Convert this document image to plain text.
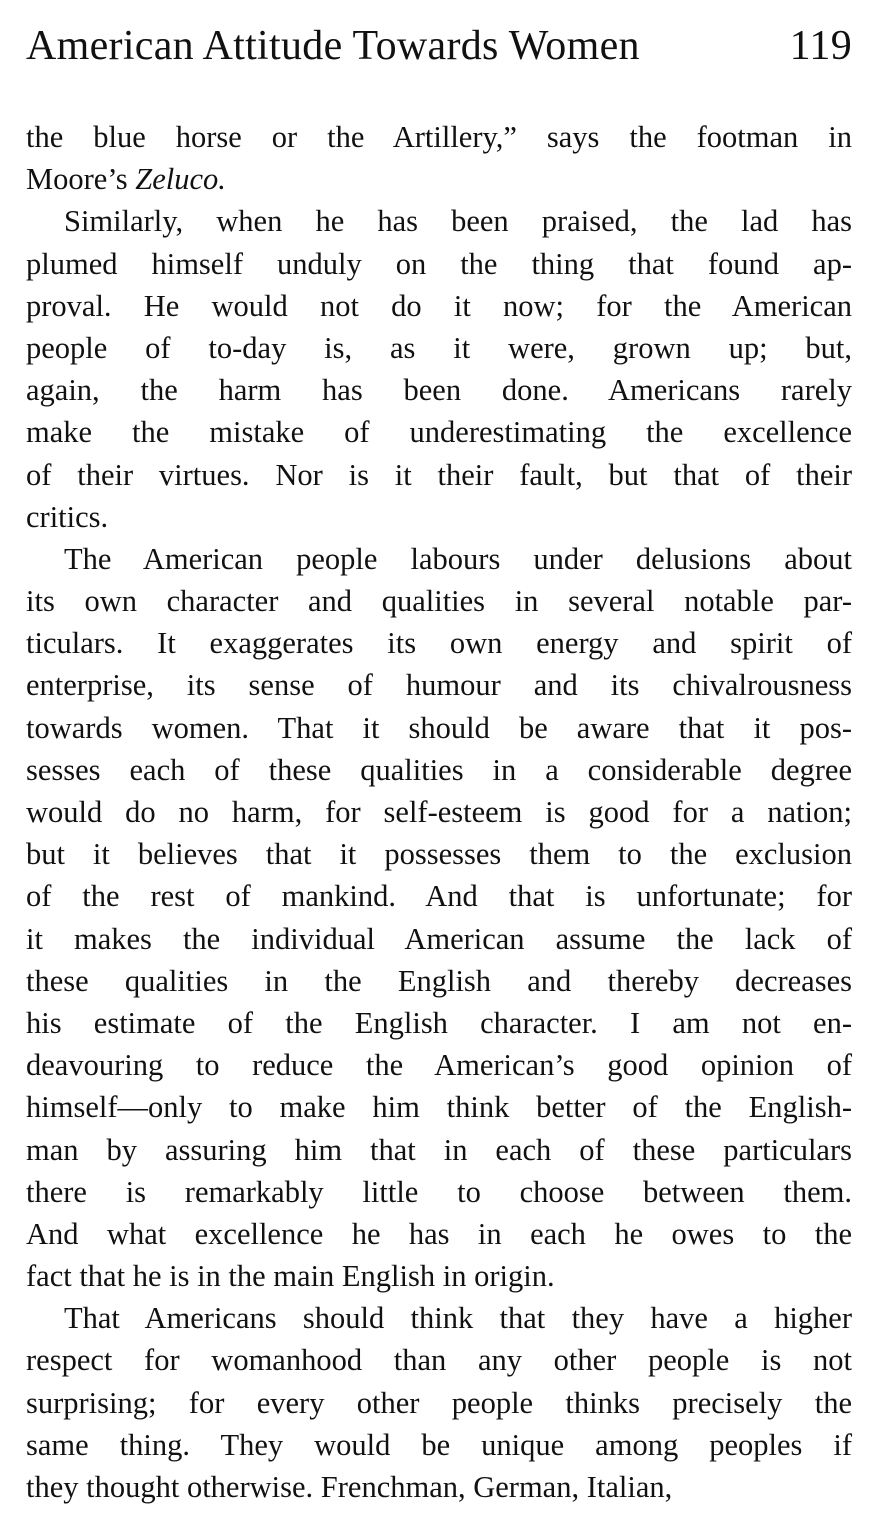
American Attitude Towards Women	119
the blue horse or the Artillery,” says the footman in
Moore’s Zeluco.
Similarly, when he has been praised, the lad has
plumed himself unduly on the thing that found ap-
proval. He would not do it now; for the American
people of to-day is, as it were, grown up; but,
again, the harm has been done. Americans rarely
make the mistake of underestimating the excellence
of their virtues. Nor is it their fault, but that of their
critics.
The American people labours under delusions about
its own character and qualities in several notable par-
ticulars. It exaggerates its own energy and spirit of
enterprise, its sense of humour and its chivalrousness
towards women. That it should be aware that it pos-
sesses each of these qualities in a considerable degree
would do no harm, for self-esteem is good for a nation;
but it believes that it possesses them to the exclusion
of the rest of mankind. And that is unfortunate; for
it makes the individual American assume the lack of
these qualities in the English and thereby decreases
his estimate of the English character. I am not en-
deavouring to reduce the American’s good opinion of
himself—only to make him think better of the English-
man by assuring him that in each of these particulars
there is remarkably little to choose between them.
And what excellence he has in each he owes to the
fact that he is in the main English in origin.
That Americans should think that they have a higher
respect for womanhood than any other people is not
surprising; for every other people thinks precisely the
same thing. They would be unique among peoples if
they thought otherwise. Frenchman, German, Italian,
